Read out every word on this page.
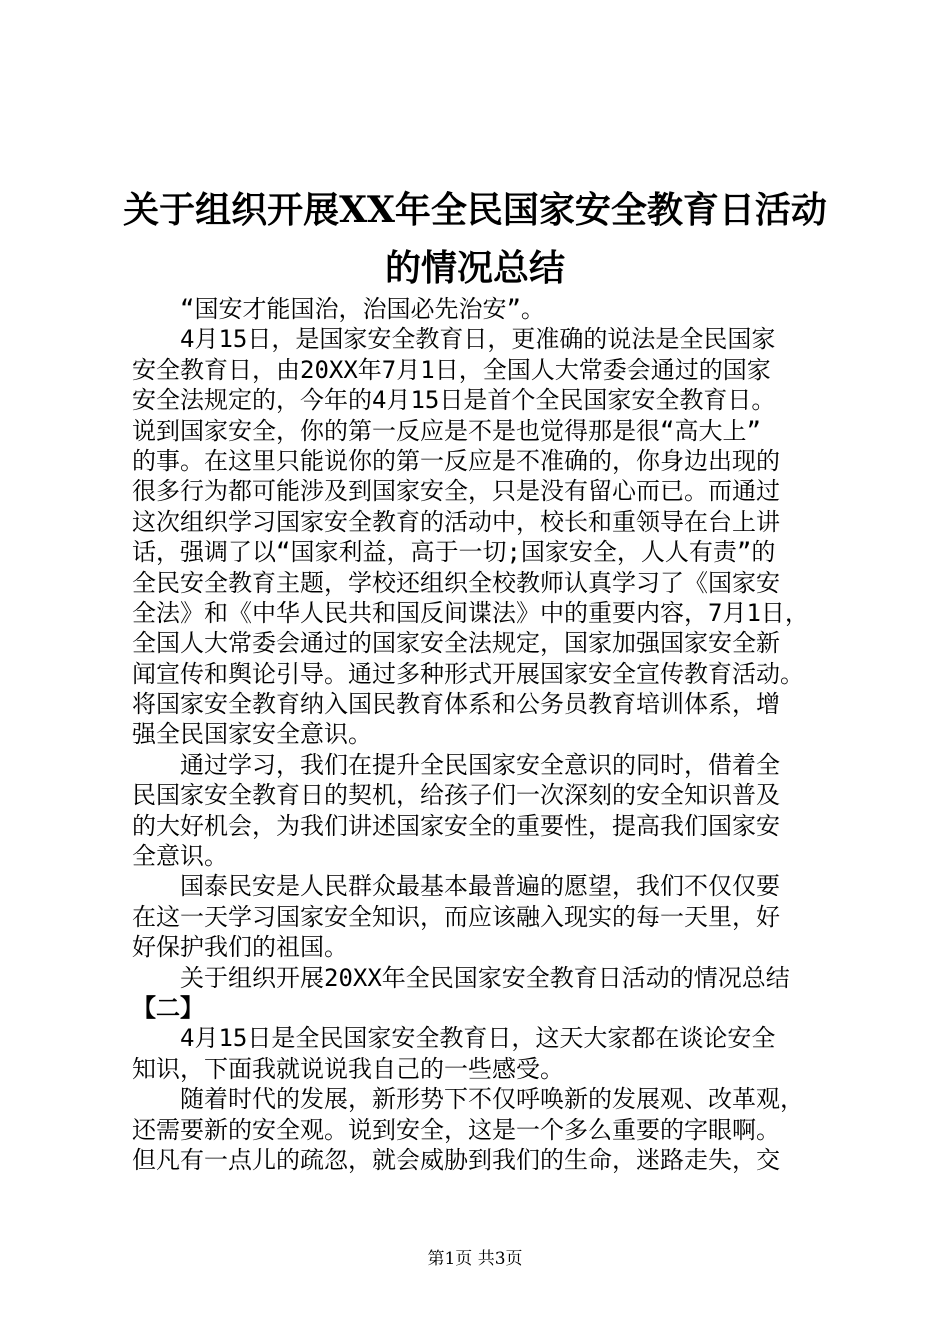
关于组织开展XX年全民国家安全教育日活动
的情况总结
“国安才能国治，治国必先治安”。
4月15日，是国家安全教育日，更准确的说法是全民国家
安全教育日，由20XX年7月1日，全国人大常委会通过的国家
安全法规定的，今年的4月15日是首个全民国家安全教育日。
说到国家安全，你的第一反应是不是也觉得那是很“高大上”
的事。在这里只能说你的第一反应是不准确的，你身边出现的
很多行为都可能涉及到国家安全，只是没有留心而已。而通过
这次组织学习国家安全教育的活动中，校长和重领导在台上讲
话，强调了以“国家利益，高于一切;国家安全，人人有责”的
全民安全教育主题，学校还组织全校教师认真学习了《国家安
全法》和《中华人民共和国反间谍法》中的重要内容，7月1日，
全国人大常委会通过的国家安全法规定，国家加强国家安全新
闻宣传和舆论引导。通过多种形式开展国家安全宣传教育活动。
将国家安全教育纳入国民教育体系和公务员教育培训体系，增
强全民国家安全意识。
通过学习，我们在提升全民国家安全意识的同时，借着全
民国家安全教育日的契机，给孩子们一次深刻的安全知识普及
的大好机会，为我们讲述国家安全的重要性，提高我们国家安
全意识。
国泰民安是人民群众最基本最普遍的愿望，我们不仅仅要
在这一天学习国家安全知识，而应该融入现实的每一天里，好
好保护我们的祖国。
关于组织开展20XX年全民国家安全教育日活动的情况总结
【二】
4月15日是全民国家安全教育日，这天大家都在谈论安全
知识，下面我就说说我自己的一些感受。
随着时代的发展，新形势下不仅呼唤新的发展观、改革观，
还需要新的安全观。说到安全，这是一个多么重要的字眼啊。
但凡有一点儿的疏忽，就会威胁到我们的生命，迷路走失，交
第1页 共3页
